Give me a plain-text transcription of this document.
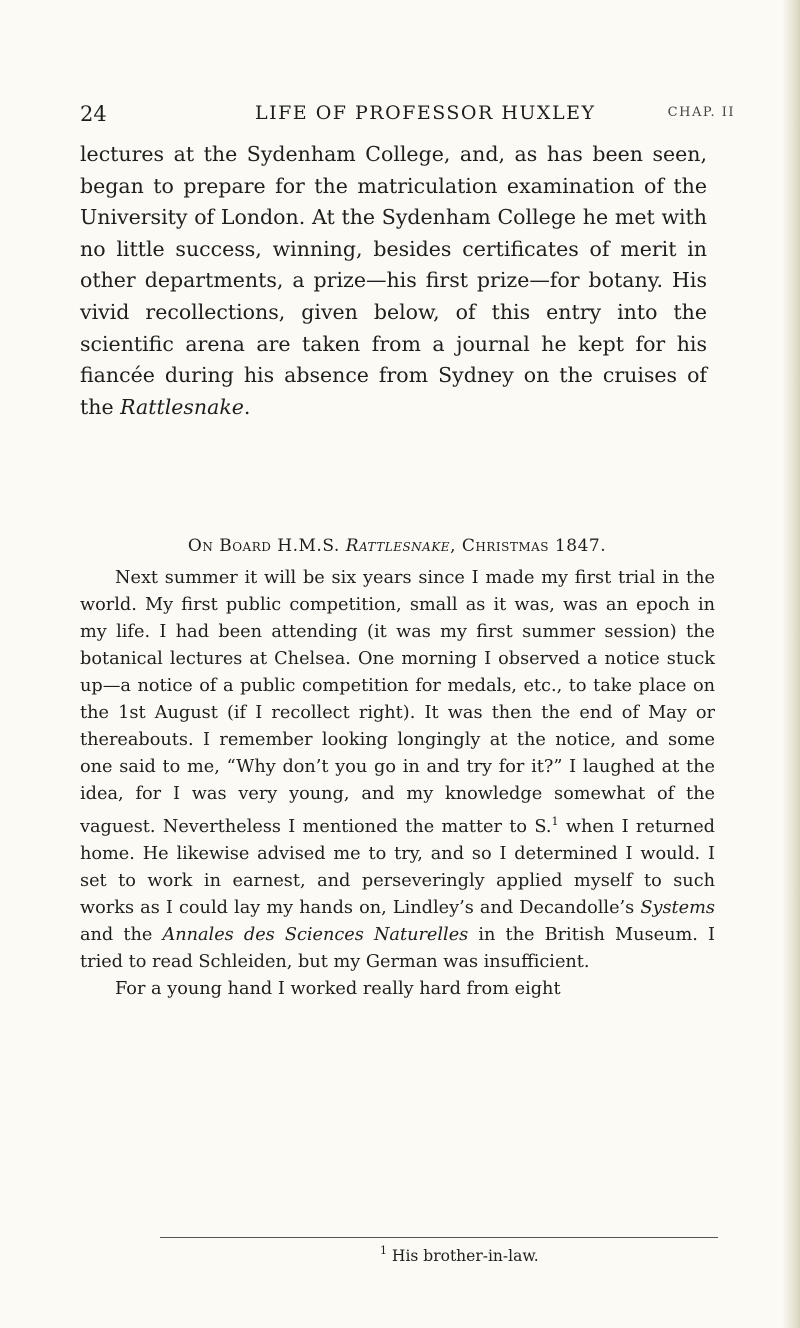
24	LIFE OF PROFESSOR HUXLEY	CHAP. II

lectures at the Sydenham College, and, as has been seen, began to prepare for the matriculation examination of the University of London. At the Sydenham College he met with no little success, winning, besides certificates of merit in other departments, a prize—his first prize—for botany. His vivid recollections, given below, of this entry into the scientific arena are taken from a journal he kept for his fiancée during his absence from Sydney on the cruises of the Rattlesnake.

On Board H.M.S. Rattlesnake, Christmas 1847.

Next summer it will be six years since I made my first trial in the world. My first public competition, small as it was, was an epoch in my life. I had been attending (it was my first summer session) the botanical lectures at Chelsea. One morning I observed a notice stuck up—a notice of a public competition for medals, etc., to take place on the 1st August (if I recollect right). It was then the end of May or thereabouts. I remember looking longingly at the notice, and some one said to me, “Why don’t you go in and try for it?” I laughed at the idea, for I was very young, and my knowledge somewhat of the vaguest. Nevertheless I mentioned the matter to S.$^1$ when I returned home. He likewise advised me to try, and so I determined I would. I set to work in earnest, and perseveringly applied myself to such works as I could lay my hands on, Lindley’s and Decandolle’s Systems and the Annales des Sciences Naturelles in the British Museum. I tried to read Schleiden, but my German was insufficient.

For a young hand I worked really hard from eight

$^1$ His brother-in-law.
